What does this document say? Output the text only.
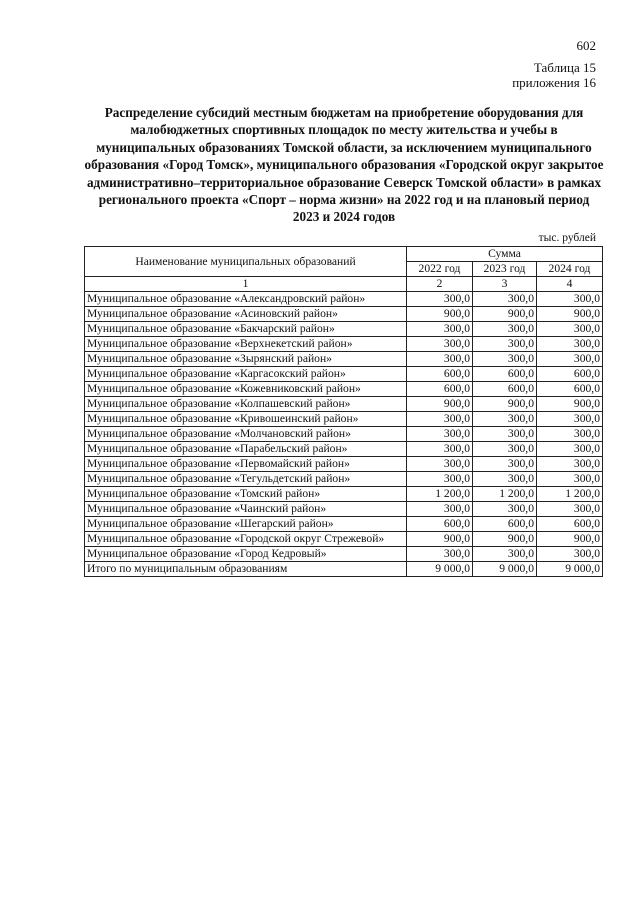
602
Таблица 15
приложения 16
Распределение субсидий местным бюджетам на приобретение оборудования для малобюджетных спортивных площадок по месту жительства и учебы в муниципальных образованиях Томской области, за исключением муниципального образования «Город Томск», муниципального образования «Городской округ закрытое административно–территориальное образование Северск Томской области» в рамках регионального проекта «Спорт – норма жизни» на 2022 год и на плановый период 2023 и 2024 годов
тыс. рублей
Наименование муниципальных образований	Сумма		
	2022 год	2023 год	2024 год
1	2	3	4
Муниципальное образование «Александровский район»	300,0	300,0	300,0
Муниципальное образование «Асиновский район»	900,0	900,0	900,0
Муниципальное образование «Бакчарский район»	300,0	300,0	300,0
Муниципальное образование «Верхнекетский район»	300,0	300,0	300,0
Муниципальное образование «Зырянский район»	300,0	300,0	300,0
Муниципальное образование «Каргасокский район»	600,0	600,0	600,0
Муниципальное образование «Кожевниковский район»	600,0	600,0	600,0
Муниципальное образование «Колпашевский район»	900,0	900,0	900,0
Муниципальное образование «Кривошеинский район»	300,0	300,0	300,0
Муниципальное образование «Молчановский район»	300,0	300,0	300,0
Муниципальное образование «Парабельский район»	300,0	300,0	300,0
Муниципальное образование «Первомайский район»	300,0	300,0	300,0
Муниципальное образование «Тегульдетский район»	300,0	300,0	300,0
Муниципальное образование «Томский район»	1 200,0	1 200,0	1 200,0
Муниципальное образование «Чаинский район»	300,0	300,0	300,0
Муниципальное образование «Шегарский район»	600,0	600,0	600,0
Муниципальное образование «Городской округ Стрежевой»	900,0	900,0	900,0
Муниципальное образование «Город Кедровый»	300,0	300,0	300,0
Итого по муниципальным образованиям	9 000,0	9 000,0	9 000,0
